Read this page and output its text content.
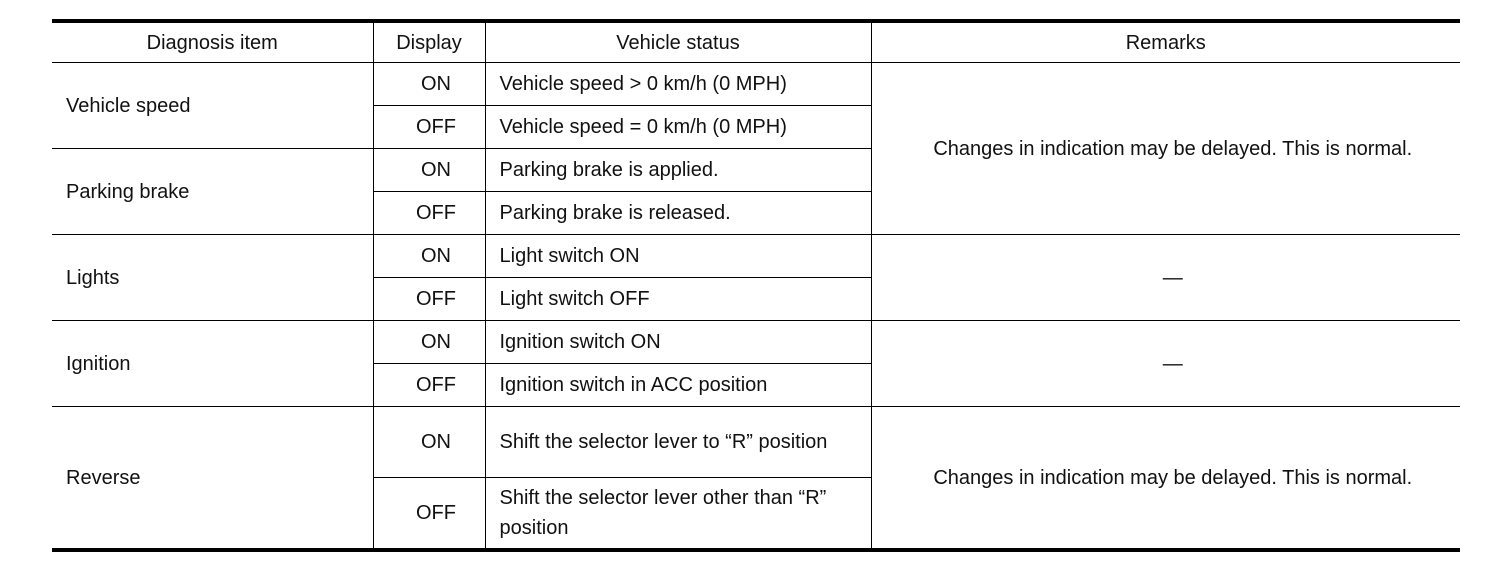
Diagnosis item	Display	Vehicle status	Remarks
Vehicle speed	ON	Vehicle speed > 0 km/h (0 MPH)	Changes in indication may be delayed. This is normal.
	OFF	Vehicle speed = 0 km/h (0 MPH)	
Parking brake	ON	Parking brake is applied.	
	OFF	Parking brake is released.	
Lights	ON	Light switch ON	—
	OFF	Light switch OFF	
Ignition	ON	Ignition switch ON	—
	OFF	Ignition switch in ACC position	
Reverse	ON	Shift the selector lever to “R” position	Changes in indication may be delayed. This is normal.
	OFF	Shift the selector lever other than “R” position	
